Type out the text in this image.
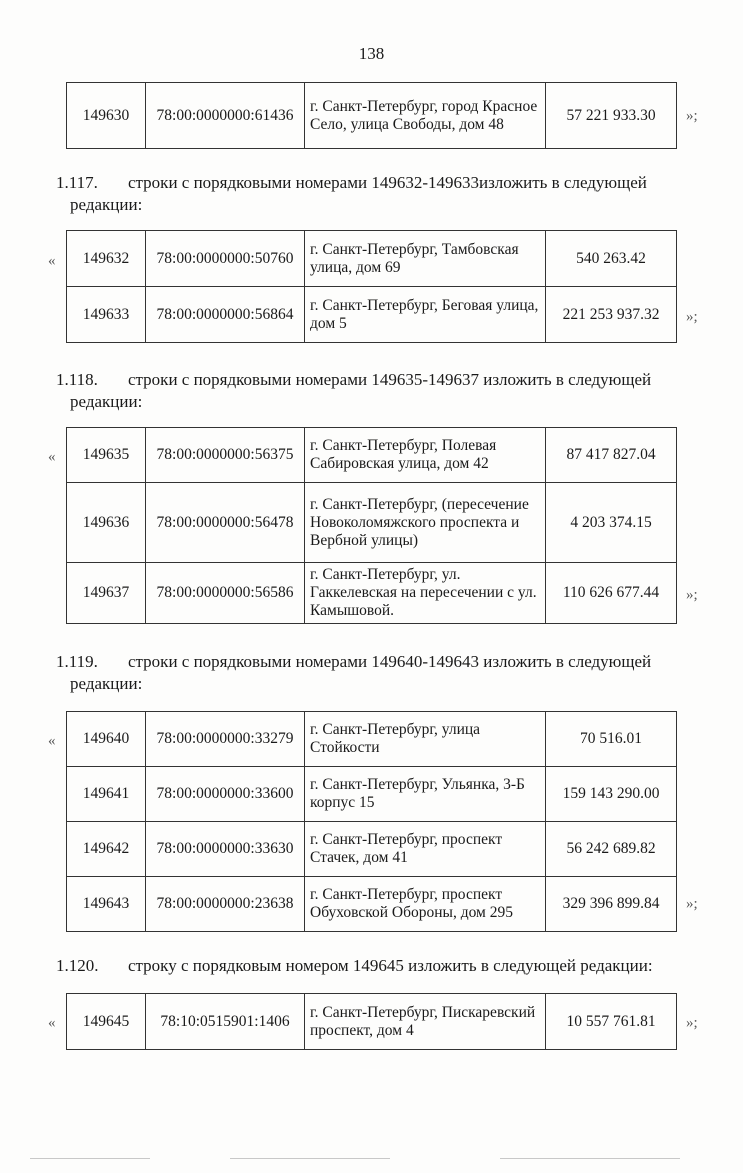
138
149630	78:00:0000000:61436	г. Санкт-Петербург, город Красное Село, улица Свободы, дом 48	57 221 933.30 »;
1.117. строки с порядковыми номерами 149632-149633изложить в следующей
редакции:
« 149632	78:00:0000000:50760	г. Санкт-Петербург, Тамбовская улица, дом 69	540 263.42
149633	78:00:0000000:56864	г. Санкт-Петербург, Беговая улица, дом 5	221 253 937.32 »;
1.118. строки с порядковыми номерами 149635-149637 изложить в следующей
редакции:
« 149635	78:00:0000000:56375	г. Санкт-Петербург, Полевая Сабировская улица, дом 42	87 417 827.04
149636	78:00:0000000:56478	г. Санкт-Петербург, (пересечение Новоколомяжского проспекта и Вербной улицы)	4 203 374.15
149637	78:00:0000000:56586	г. Санкт-Петербург, ул. Гаккелевская на пересечении с ул. Камышовой.	110 626 677.44 »;
1.119. строки с порядковыми номерами 149640-149643 изложить в следующей
редакции:
« 149640	78:00:0000000:33279	г. Санкт-Петербург, улица Стойкости	70 516.01
149641	78:00:0000000:33600	г. Санкт-Петербург, Ульянка, 3-Б корпус 15	159 143 290.00
149642	78:00:0000000:33630	г. Санкт-Петербург, проспект Стачек, дом 41	56 242 689.82
149643	78:00:0000000:23638	г. Санкт-Петербург, проспект Обуховской Обороны, дом 295	329 396 899.84 »;
1.120. строку с порядковым номером 149645 изложить в следующей редакции:
« 149645	78:10:0515901:1406	г. Санкт-Петербург, Пискаревский проспект, дом 4	10 557 761.81 »;
